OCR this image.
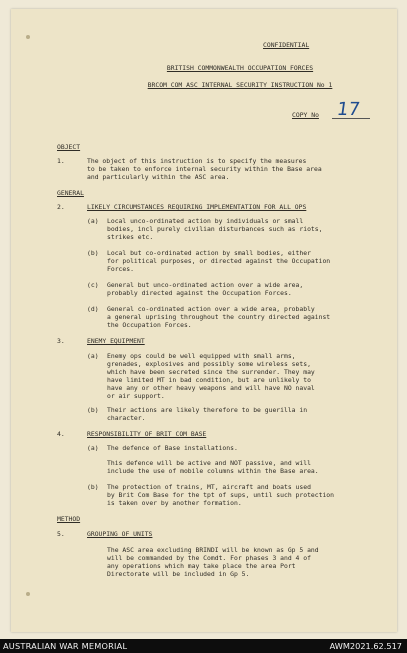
CONFIDENTIAL
BRITISH COMMONWEALTH OCCUPATION FORCES
BRCOM COM ASC INTERNAL SECURITY INSTRUCTION No 1
COPY No 17
OBJECT
1.	The object of this instruction is to specify the measures
to be taken to enforce internal security within the Base area
and particularly within the ASC area.
GENERAL
2.	LIKELY CIRCUMSTANCES REQUIRING IMPLEMENTATION FOR ALL OPS
(a) Local unco-ordinated action by individuals or small
bodies, incl purely civilian disturbances such as riots,
strikes etc.
(b) Local but co-ordinated action by small bodies, either
for political purposes, or directed against the Occupation
Forces.
(c) General but unco-ordinated action over a wide area,
probably directed against the Occupation Forces.
(d) General co-ordinated action over a wide area, probably
a general uprising throughout the country directed against
the Occupation Forces.
3.	ENEMY EQUIPMENT
(a) Enemy ops could be well equipped with small arms,
grenades, explosives and possibly some wireless sets,
which have been secreted since the surrender. They may
have limited MT in bad condition, but are unlikely to
have any or other heavy weapons and will have NO naval
or air support.
(b) Their actions are likely therefore to be guerilla in
character.
4.	RESPONSIBILITY OF BRIT COM BASE
(a) The defence of Base installations.
This defence will be active and NOT passive, and will
include the use of mobile columns within the Base area.
(b) The protection of trains, MT, aircraft and boats used
by Brit Com Base for the tpt of sups, until such protection
is taken over by another formation.
METHOD
5.	GROUPING OF UNITS
The ASC area excluding BRINDI will be known as Gp 5 and
will be commanded by the Comdt. For phases 3 and 4 of
any operations which may take place the area Port
Directorate will be included in Gp 5.
AUSTRALIAN WAR MEMORIAL	AWM2021.62.517
